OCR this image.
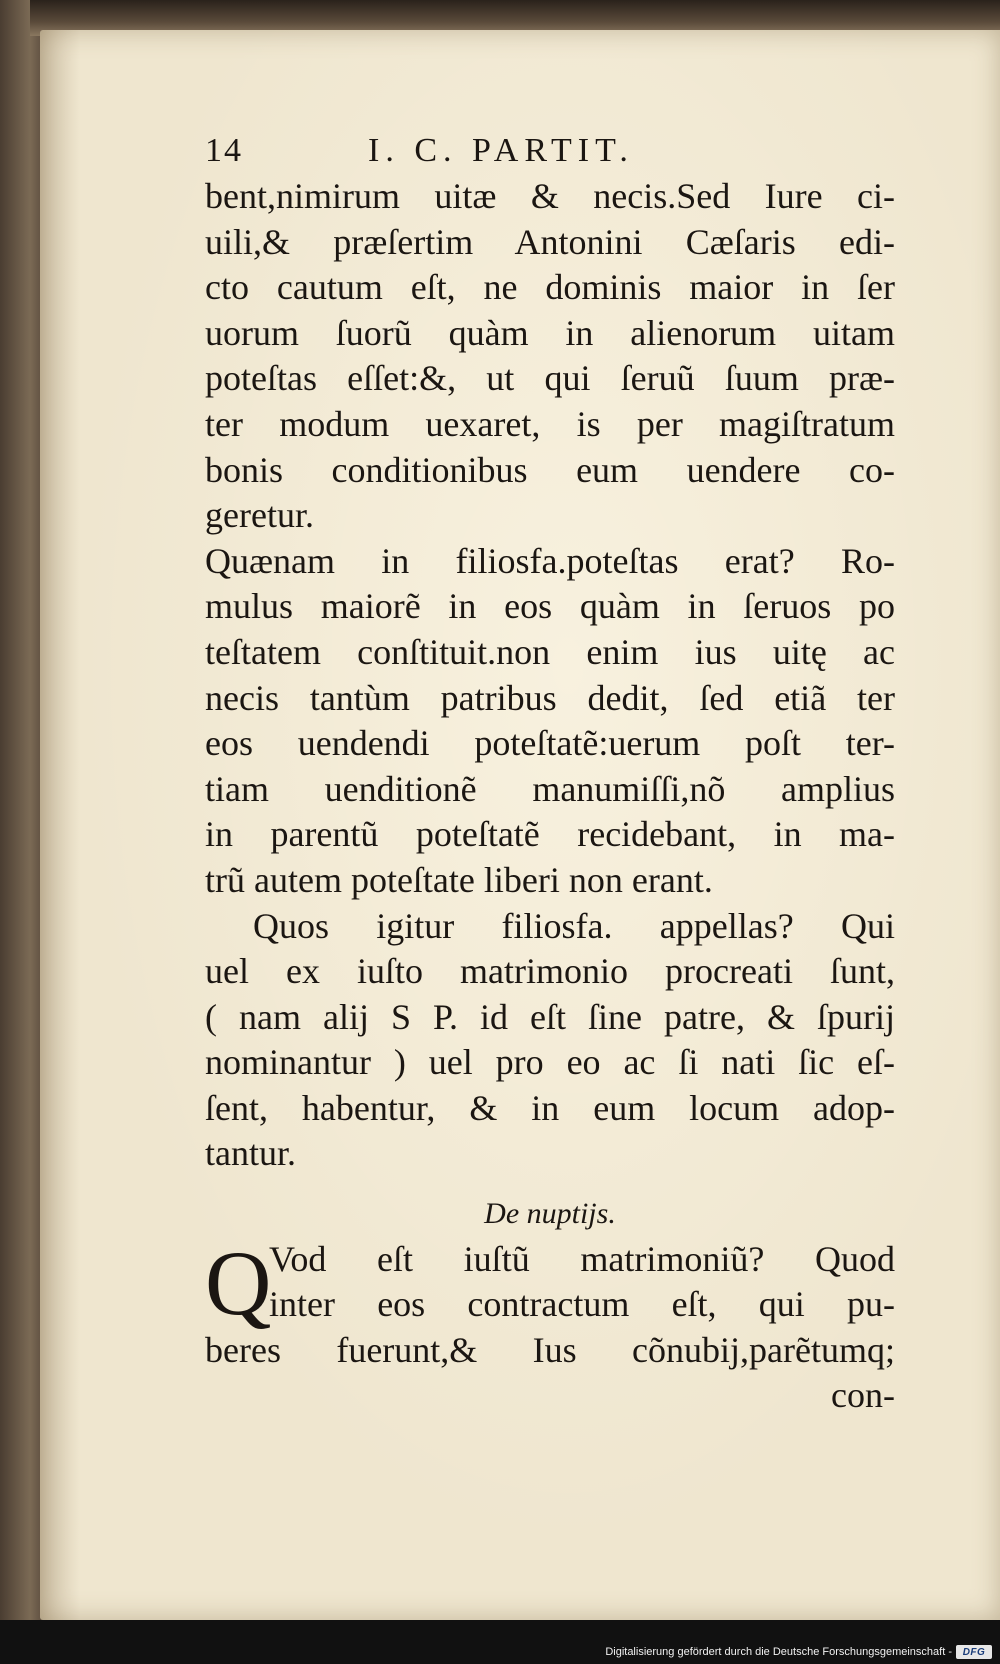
14	I. C. PARTIT.
bent,nimirum uitæ & necis.Sed Iure ci-
uili,& præſertim Antonini Cæſaris edi-
cto cautum eſt, ne dominis maior in ſer
uorum ſuorũ quàm in alienorum uitam
poteſtas eſſet:&, ut qui ſeruũ ſuum præ-
ter modum uexaret, is per magiſtratum
bonis conditionibus eum uendere co-
geretur.
Quænam in filiosfa.poteſtas erat? Ro-
mulus maiorẽ in eos quàm in ſeruos po
teſtatem conſtituit.non enim ius uitę ac
necis tantùm patribus dedit, ſed etiã ter
eos uendendi poteſtatẽ:uerum poſt ter-
tiam uenditionẽ manumiſſi,nõ amplius
in parentũ poteſtatẽ recidebant, in ma-
trũ autem poteſtate liberi non erant.
Quos igitur filiosfa. appellas? Qui
uel ex iuſto matrimonio procreati ſunt,
( nam alij S P. id eſt ſine patre, & ſpurij
nominantur ) uel pro eo ac ſi nati ſic eſ-
ſent, habentur, & in eum locum adop-
tantur.
De nuptijs.
Q
Vod eſt iuſtũ matrimoniũ? Quod
inter eos contractum eſt, qui pu-
beres fuerunt,& Ius cõnubij,parẽtumq;
con-
Digitalisierung gefördert durch die Deutsche Forschungsgemeinschaft -	DFG
